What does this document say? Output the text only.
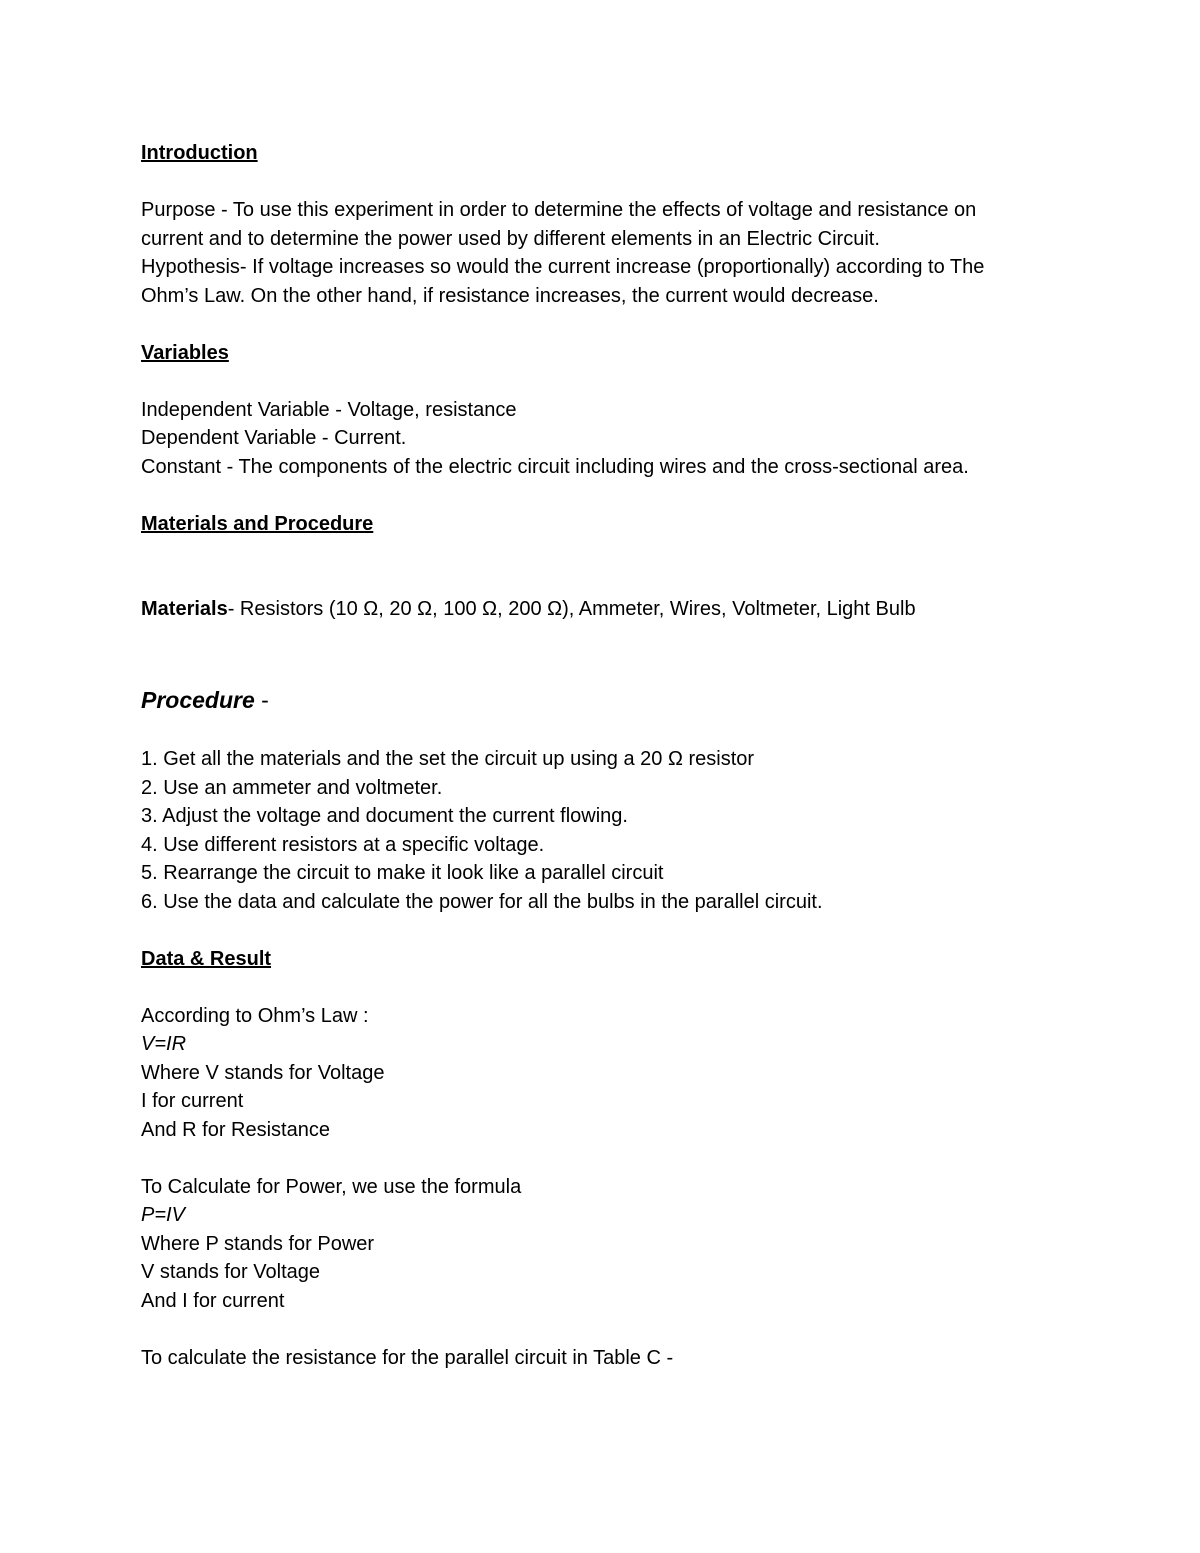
Introduction
Purpose - To use this experiment in order to determine the effects of voltage and resistance on
current and to determine the power used by different elements in an Electric Circuit.
Hypothesis- If voltage increases so would the current increase (proportionally) according to The
Ohm’s Law. On the other hand, if resistance increases, the current would decrease.
Variables
Independent Variable - Voltage, resistance
Dependent Variable - Current.
Constant - The components of the electric circuit including wires and the cross-sectional area.
Materials and Procedure
Materials- Resistors (10 Ω, 20 Ω, 100 Ω, 200 Ω), Ammeter, Wires, Voltmeter, Light Bulb
Procedure -
1. Get all the materials and the set the circuit up using a 20 Ω resistor
2. Use an ammeter and voltmeter.
3. Adjust the voltage and document the current flowing.
4. Use different resistors at a specific voltage.
5. Rearrange the circuit to make it look like a parallel circuit
6. Use the data and calculate the power for all the bulbs in the parallel circuit.
Data & Result
According to Ohm’s Law :
V=IR
Where V stands for Voltage
I for current
And R for Resistance
To Calculate for Power, we use the formula
P=IV
Where P stands for Power
V stands for Voltage
And I for current
To calculate the resistance for the parallel circuit in Table C -
